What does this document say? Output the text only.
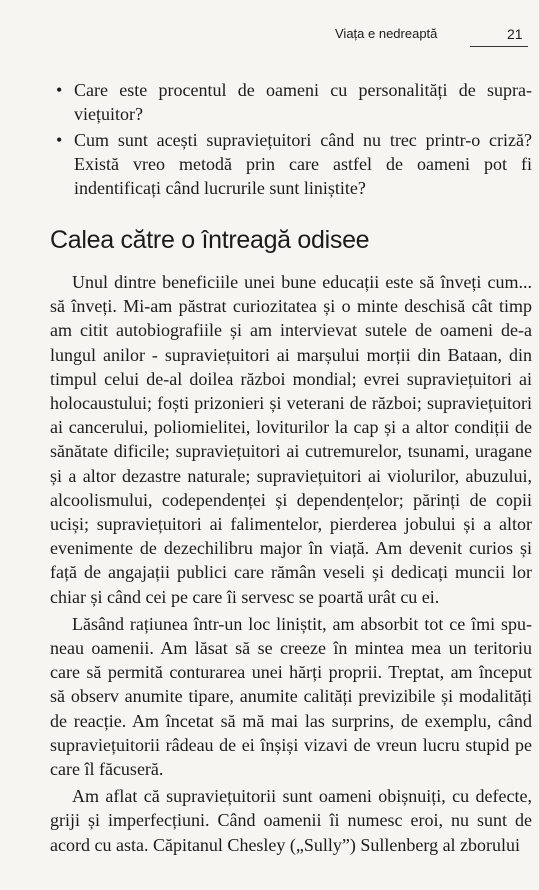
Viața e nedreaptă	21
• Care este procentul de oameni cu personalități de supraviețuitor?
• Cum sunt acești supraviețuitori când nu trec printr-o criză? Există vreo metodă prin care astfel de oameni pot fi indentificați când lucrurile sunt liniștite?
Calea către o întreagă odisee

Unul dintre beneficiile unei bune educații este să înveți cum... să înveți. Mi-am păstrat curiozitatea și o minte deschisă cât timp am citit autobiografiile și am intervievat sutele de oameni de-a lungul anilor - supraviețuitori ai marșului morții din Bataan, din timpul celui de-al doilea război mondial; evrei supraviețuitori ai holocaustului; foști prizonieri și veterani de război; supraviețuitori ai cancerului, poliomielitei, loviturilor la cap și a altor condiții de sănătate dificile; supraviețuitori ai cutremurelor, tsunami, uragane și a altor dezastre naturale; supraviețuitori ai violurilor, abuzului, alcoolismului, codependenței și dependențelor; părinți de copii uciși; supraviețuitori ai falimentelor, pierderea jobului și a altor evenimente de dezechilibru major în viață. Am devenit curios și față de angajații publici care rămân veseli și dedicați muncii lor chiar și când cei pe care îi servesc se poartă urât cu ei.

Lăsând rațiunea într-un loc liniștit, am absorbit tot ce îmi spuneau oamenii. Am lăsat să se creeze în mintea mea un teritoriu care să permită conturarea unei hărți proprii. Treptat, am început să observ anumite tipare, anumite calități previzibile și modalități de reacție. Am încetat să mă mai las surprins, de exemplu, când supraviețuitorii râdeau de ei înșiși vizavi de vreun lucru stupid pe care îl făcuseră.

Am aflat că supraviețuitorii sunt oameni obișnuiți, cu defecte, griji și imperfecțiuni. Când oamenii îi numesc eroi, nu sunt de acord cu asta. Căpitanul Chesley („Sully”) Sullenberg al zborului
